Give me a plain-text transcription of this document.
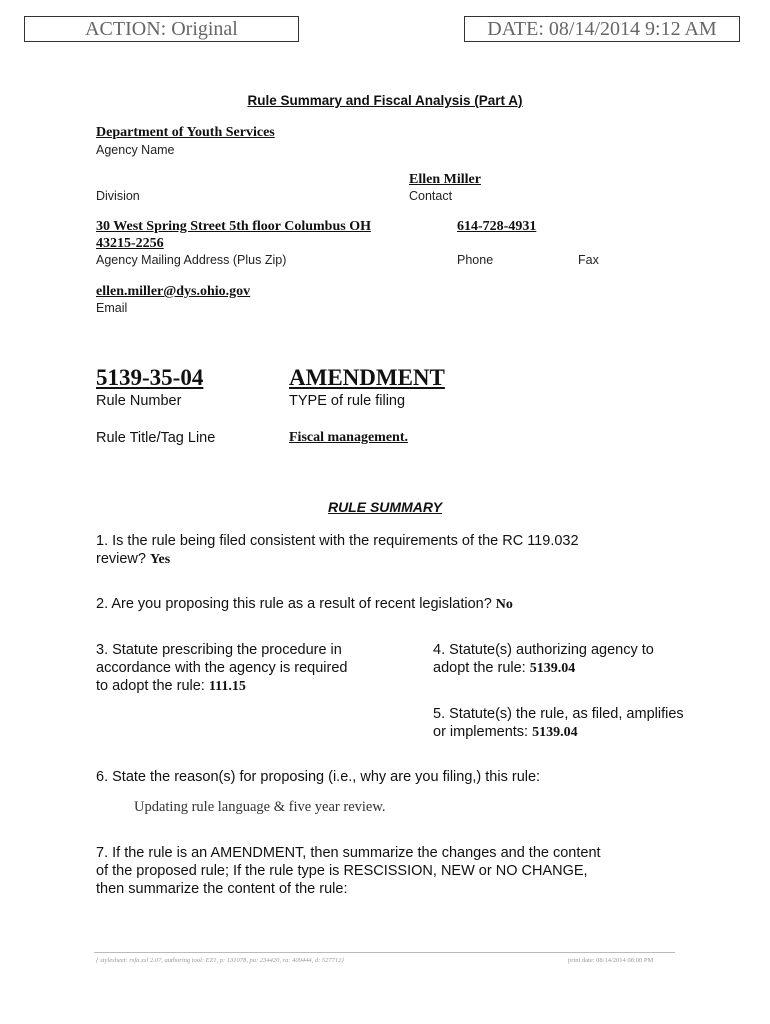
ACTION: Original	DATE: 08/14/2014 9:12 AM
Rule Summary and Fiscal Analysis (Part A)
Department of Youth Services
Agency Name
Ellen Miller
Division	Contact
30 West Spring Street 5th floor Columbus OH
43215-2256
614-728-4931
Agency Mailing Address (Plus Zip)	Phone	Fax
ellen.miller@dys.ohio.gov
Email
5139-35-04	AMENDMENT
Rule Number	TYPE of rule filing
Rule Title/Tag Line	Fiscal management.
RULE SUMMARY
1. Is the rule being filed consistent with the requirements of the RC 119.032
review? Yes
2. Are you proposing this rule as a result of recent legislation? No
3. Statute prescribing the procedure in
accordance with the agency is required
to adopt the rule: 111.15
4. Statute(s) authorizing agency to
adopt the rule: 5139.04
5. Statute(s) the rule, as filed, amplifies
or implements: 5139.04
6. State the reason(s) for proposing (i.e., why are you filing,) this rule:
Updating rule language & five year review.
7. If the rule is an AMENDMENT, then summarize the changes and the content
of the proposed rule; If the rule type is RESCISSION, NEW or NO CHANGE,
then summarize the content of the rule:
{ stylesheet: rsfa.xsl 2.07, authoring tool: EZ1, p: 131078, pa: 234420, ra: 409444, d: 527712}	print date: 08/14/2014 08:00 PM
